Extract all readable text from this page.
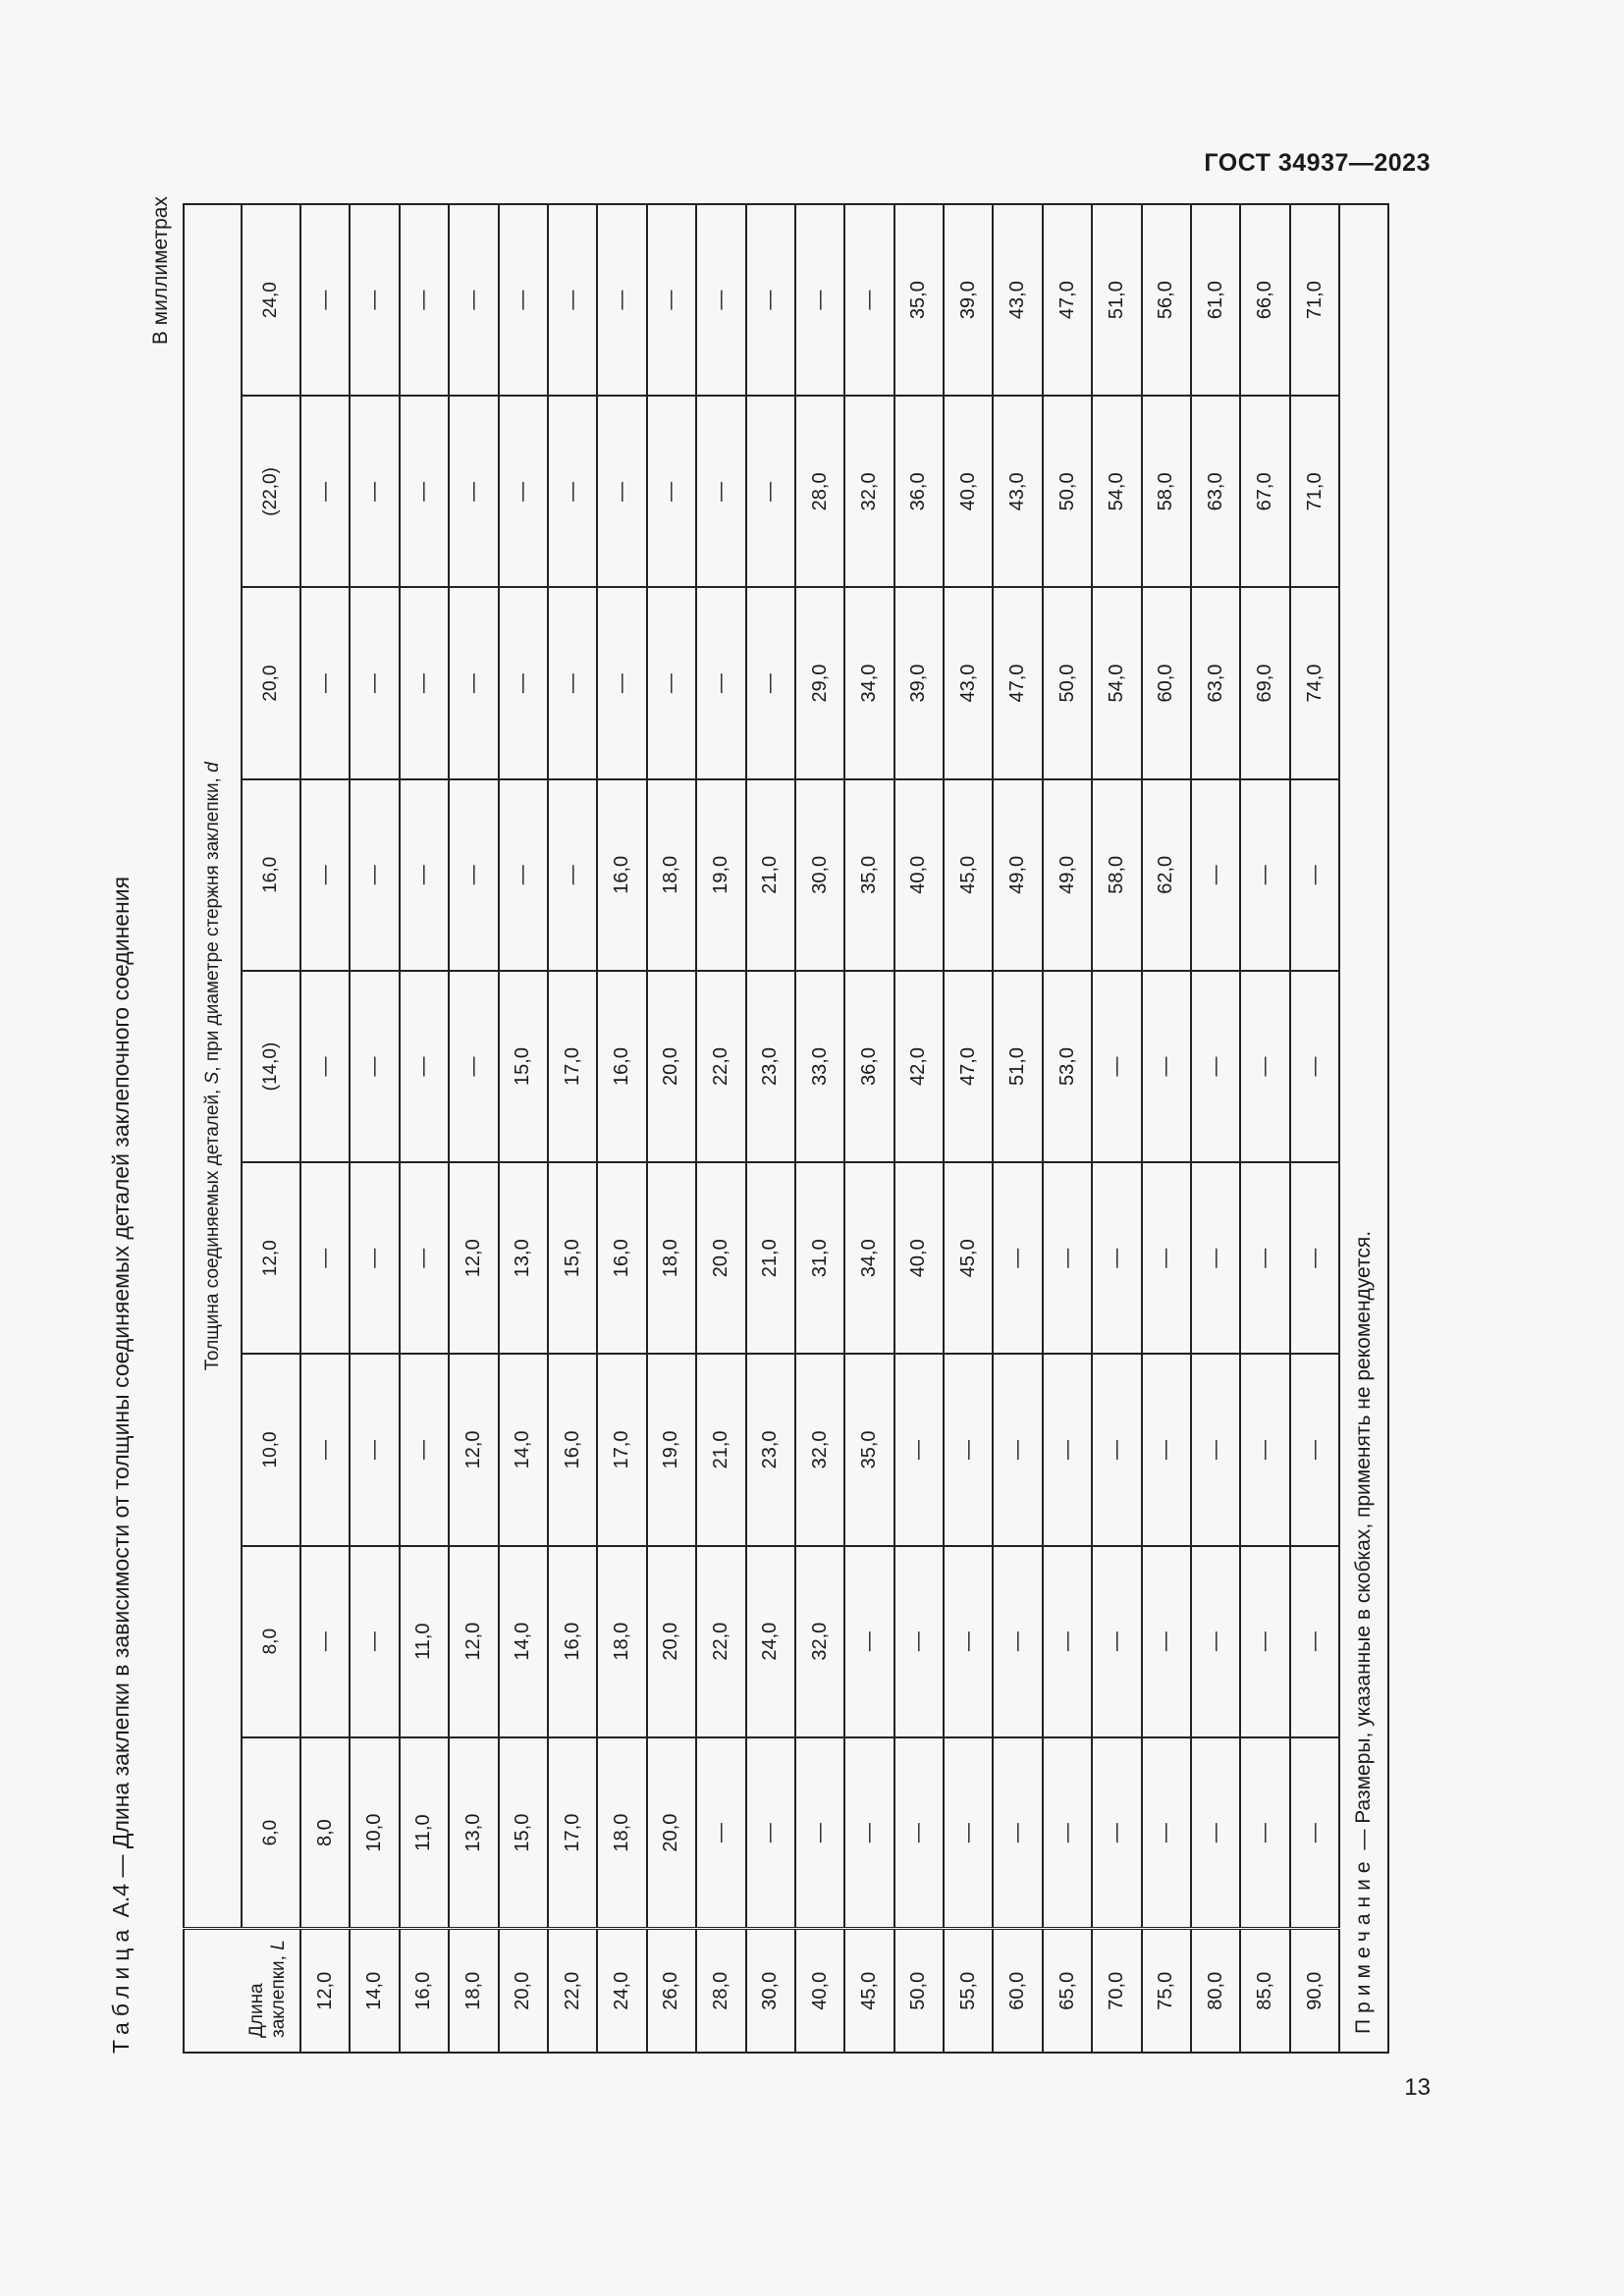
ГОСТ 34937—2023
13
Таблица А.4 — Длина заклепки в зависимости от толщины соединяемых деталей заклепочного соединения
В миллиметрах
Длина заклепки, L	Толщина соединяемых деталей, S, при диаметре стержня заклепки, d								
	6,0	8,0	10,0	12,0	(14,0)	16,0	20,0	(22,0)	24,0
12,0	8,0	—	—	—	—	—	—	—	—
14,0	10,0	—	—	—	—	—	—	—	—
16,0	11,0	11,0	—	—	—	—	—	—	—
18,0	13,0	12,0	12,0	12,0	—	—	—	—	—
20,0	15,0	14,0	14,0	13,0	15,0	—	—	—	—
22,0	17,0	16,0	16,0	15,0	17,0	—	—	—	—
24,0	18,0	18,0	17,0	16,0	16,0	16,0	—	—	—
26,0	20,0	20,0	19,0	18,0	20,0	18,0	—	—	—
28,0	—	22,0	21,0	20,0	22,0	19,0	—	—	—
30,0	—	24,0	23,0	21,0	23,0	21,0	—	—	—
40,0	—	32,0	32,0	31,0	33,0	30,0	29,0	28,0	—
45,0	—	—	35,0	34,0	36,0	35,0	34,0	32,0	—
50,0	—	—	—	40,0	42,0	40,0	39,0	36,0	35,0
55,0	—	—	—	45,0	47,0	45,0	43,0	40,0	39,0
60,0	—	—	—	—	51,0	49,0	47,0	43,0	43,0
65,0	—	—	—	—	53,0	49,0	50,0	50,0	47,0
70,0	—	—	—	—	—	58,0	54,0	54,0	51,0
75,0	—	—	—	—	—	62,0	60,0	58,0	56,0
80,0	—	—	—	—	—	—	63,0	63,0	61,0
85,0	—	—	—	—	—	—	69,0	67,0	66,0
90,0	—	—	—	—	—	—	74,0	71,0	71,0
Примечание — Размеры, указанные в скобках, применять не рекомендуется.									
